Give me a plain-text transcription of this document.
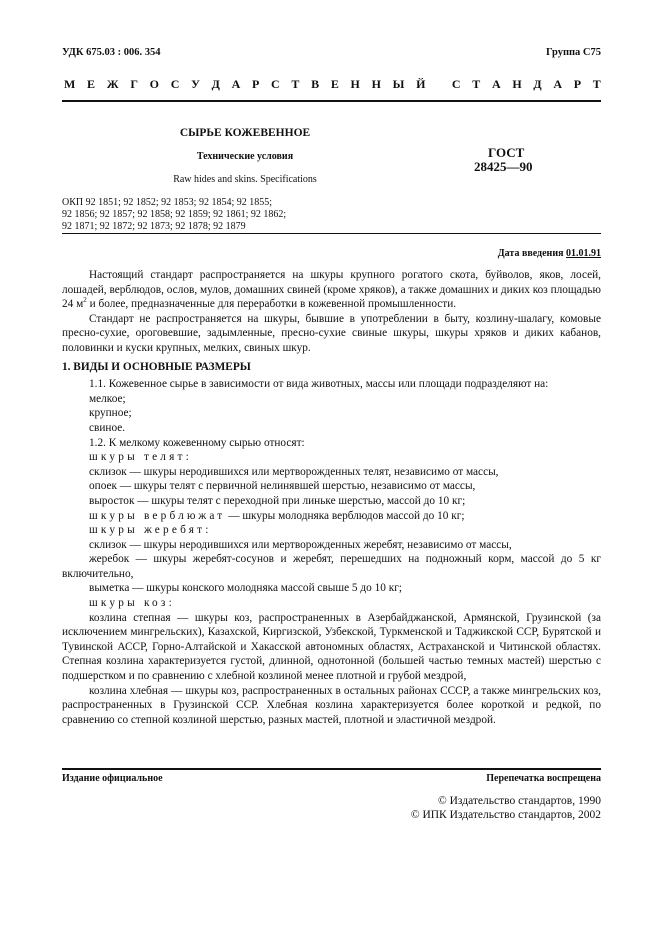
УДК 675.03 : 006. 354	Группа С75
М Е Ж Г О С У Д А Р С Т В Е Н Н Ы Й
С Т А Н Д А Р Т
СЫРЬЕ КОЖЕВЕННОЕ
Технические условия
Raw hides and skins. Specifications
ГОСТ
28425—90
ОКП 92 1851; 92 1852; 92 1853; 92 1854; 92 1855;
92 1856; 92 1857; 92 1858; 92 1859; 92 1861; 92 1862;
92 1871; 92 1872; 92 1873; 92 1878; 92 1879
Дата введения 01.01.91

Настоящий стандарт распространяется на шкуры крупного рогатого скота, буйволов, яков, лосей, лошадей, верблюдов, ослов, мулов, домашних свиней (кроме хряков), а также домашних и диких коз площадью 24 $м^2$ и более, предназначенные для переработки в кожевенной промышленности.

Стандарт не распространяется на шкуры, бывшие в употреблении в быту, козлину-шалагу, комовые пресно-сухие, ороговевшие, задымленные, пресно-сухие свиные шкуры, шкуры хряков и диких кабанов, половинки и куски крупных, мелких, свиных шкур.

1. ВИДЫ И ОСНОВНЫЕ РАЗМЕРЫ

1.1. Кожевенное сырье в зависимости от вида животных, массы или площади подразделяют на:

мелкое;

крупное;

свиное.

1.2. К мелкому кожевенному сырью относят:

шкуры телят:

склизок — шкуры неродившихся или мертворожденных телят, независимо от массы,

опоек — шкуры телят с первичной нелинявшей шерстью, независимо от массы,

выросток — шкуры телят с переходной при линьке шерстью, массой до 10 кг;

шкуры верблюжат — шкуры молодняка верблюдов массой до 10 кг;

шкуры жеребят:

склизок — шкуры неродившихся или мертворожденных жеребят, независимо от массы,

жеребок — шкуры жеребят-сосунов и жеребят, перешедших на подножный корм, массой до 5 кг включительно,

выметка — шкуры конского молодняка массой свыше 5 до 10 кг;

шкуры коз:

козлина степная — шкуры коз, распространенных в Азербайджанской, Армянской, Грузинской (за исключением мингрельских), Казахской, Киргизской, Узбекской, Туркменской и Таджикской ССР, Бурятской и Тувинской АССР, Горно-Алтайской и Хакасской автономных областях, Астраханской и Читинской областях. Степная козлина характеризуется густой, длинной, однотонной (большей частью темных мастей) шерстью с подшерстком и по сравнению с хлебной козлиной менее плотной и грубой мездрой,

козлина хлебная — шкуры коз, распространенных в остальных районах СССР, а также мингрельских коз, распространенных в Грузинской ССР. Хлебная козлина характеризуется более короткой и редкой, по сравнению со степной козлиной шерстью, разных мастей, плотной и эластичной мездрой.

Издание официальное	Перепечатка воспрещена
© Издательство стандартов, 1990
© ИПК Издательство стандартов, 2002
